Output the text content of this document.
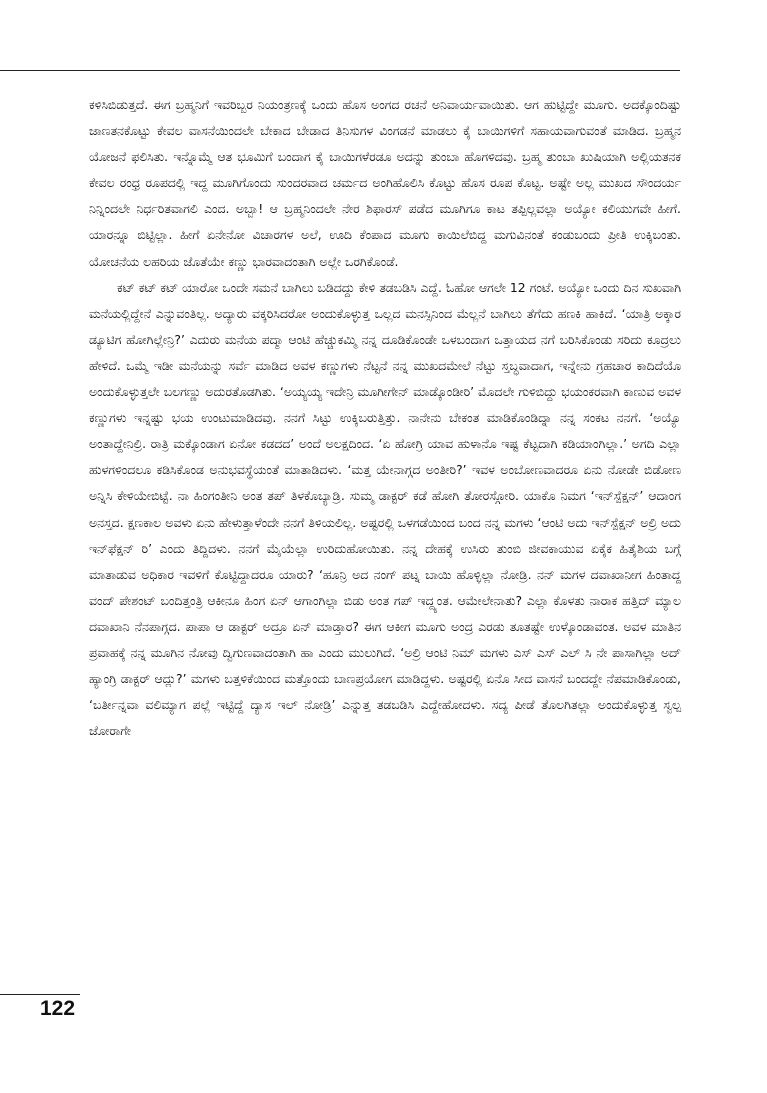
ಕಳಿಸಿಬಿಡುತ್ತದೆ. ಈಗ ಬ್ರಹ್ಮನಿಗೆ ಇವರಿಬ್ಬರ ನಿಯಂತ್ರಣಕ್ಕೆ ಒಂದು ಹೊಸ ಅಂಗದ ರಚನೆ ಅನಿವಾರ್ಯವಾಯಿತು. ಆಗ ಹುಟ್ಟಿದ್ದೇ ಮೂಗು. ಅದಕ್ಕೊಂದಿಷ್ಟು ಜಾಣತನಕೊಟ್ಟು ಕೇವಲ ವಾಸನೆಯಿಂದಲೇ ಬೇಕಾದ ಬೇಡಾದ ತಿನಿಸುಗಳ ವಿಂಗಡನೆ ಮಾಡಲು ಕೈ ಬಾಯಿಗಳಿಗೆ ಸಹಾಯವಾಗುವಂತೆ ಮಾಡಿದ. ಬ್ರಹ್ಮನ ಯೋಜನೆ ಫಲಿಸಿತು. ಇನ್ನೊಮ್ಮೆ ಆತ ಭೂಮಿಗೆ ಬಂದಾಗ ಕೈ ಬಾಯಿಗಳೆರಡೂ ಅದನ್ನು ತುಂಬಾ ಹೊಗಳಿದವು. ಬ್ರಹ್ಮ ತುಂಬಾ ಖುಷಿಯಾಗಿ ಅಲ್ಲಿಯತನಕ ಕೇವಲ ರಂಧ್ರ ರೂಪದಲ್ಲಿ ಇದ್ದ ಮೂಗಿಗೊಂದು ಸುಂದರವಾದ ಚರ್ಮದ ಅಂಗಿಹೊಲಿಸಿ ಕೊಟ್ಟು ಹೊಸ ರೂಪ ಕೊಟ್ಟ. ಅಷ್ಟೇ ಅಲ್ಲ ಮುಖದ ಸೌಂದರ್ಯ ನಿನ್ನಿಂದಲೇ ನಿರ್ಧರಿತವಾಗಲಿ ಎಂದ. ಅಬ್ಬಾ! ಆ ಬ್ರಹ್ಮನಿಂದಲೇ ನೇರ ಶಿಫಾರಸ್ ಪಡೆದ ಮೂಗಿಗೂ ಕಾಟ ತಪ್ಪಿಲ್ಲವಲ್ಲಾ ಅಯ್ಯೋ ಕಲಿಯುಗವೇ ಹೀಗೆ. ಯಾರನ್ನೂ ಬಿಟ್ಟಿಲ್ಲಾ. ಹೀಗೆ ಏನೇನೋ ವಿಚಾರಗಳ ಅಲೆ, ಊದಿ ಕೆಂಪಾದ ಮೂಗು ಕಾಯಿಲೆಬಿದ್ದ ಮಗುವಿನಂತೆ ಕಂಡುಬಂದು ಪ್ರೀತಿ ಉಕ್ಕಿಬಂತು. ಯೋಚನೆಯ ಲಹರಿಯ ಜೊತೆಯೇ ಕಣ್ಣು ಭಾರವಾದಂತಾಗಿ ಅಲ್ಲೇ ಒರಗಿಕೊಂಡೆ.

ಕಟ್ ಕಟ್ ಕಟ್ ಯಾರೋ ಒಂದೇ ಸಮನೆ ಬಾಗಿಲು ಬಡಿದದ್ದು ಕೇಳಿ ತಡಬಡಿಸಿ ಎದ್ದೆ. ಓಹೋ ಆಗಲೇ 12 ಗಂಟೆ. ಅಯ್ಯೋ ಒಂದು ದಿನ ಸುಖವಾಗಿ ಮನೆಯಲ್ಲಿದ್ದೇನೆ ಎನ್ನುವಂತಿಲ್ಲ. ಅದ್ಯಾರು ವಕ್ಕರಿಸಿದರೋ ಅಂದುಕೊಳ್ಳುತ್ತ ಒಲ್ಲದ ಮನಸ್ಸಿನಿಂದ ಮೆಲ್ಲನೆ ಬಾಗಿಲು ತೆಗೆದು ಹಣಕಿ ಹಾಕಿದೆ. ‘ಯಾತ್ರಿ ಅಕ್ಕಾರ ಡ್ಯೂಟಿಗ ಹೋಗಿಲ್ಲೇನ್ರಿ?’ ಎದುರು ಮನೆಯ ಪದ್ಮಾ ಆಂಟಿ ಹೆಚ್ಚುಕಮ್ಮಿ ನನ್ನ ದೂಡಿಕೊಂಡೇ ಒಳಬಂದಾಗ ಒತ್ತಾಯದ ನಗೆ ಬರಿಸಿಕೊಂಡು ಸರಿದು ಕೂದ್ರಲು ಹೇಳಿದೆ. ಒಮ್ಮೆ ಇಡೀ ಮನೆಯನ್ನು ಸರ್ವೆ ಮಾಡಿದ ಅವಳ ಕಣ್ಣುಗಳು ನೆಟ್ಟನೆ ನನ್ನ ಮುಖದಮೇಲೆ ನೆಟ್ಟು ಸ್ತಬ್ಧವಾದಾಗ, ಇನ್ನೇನು ಗ್ರಹಚಾರ ಕಾದಿದೆಯೊ ಅಂದುಕೊಳ್ಳುತ್ತಲೇ ಬಲಗಣ್ಣು ಅದುರತೊಡಗಿತು. ‘ಅಯ್ಯಯ್ಯ ಇದೇನ್ರಿ ಮೂಗೀಗೇನ್ ಮಾಡ್ಕೊಂಡೀರಿ’ ಮೊದಲೇ ಗುಳಿಬಿದ್ದು ಭಯಂಕರವಾಗಿ ಕಾಣುವ ಅವಳ ಕಣ್ಣುಗಳು ಇನ್ನಷ್ಟು ಭಯ ಉಂಟುಮಾಡಿದವು. ನನಗೆ ಸಿಟ್ಟು ಉಕ್ಕಿಬರುತ್ತಿತ್ತು. ನಾನೇನು ಬೇಕಂತ ಮಾಡಿಕೊಂಡಿದ್ನಾ ನನ್ನ ಸಂಕಟ ನನಗೆ. ‘ಅಯ್ಯೊ ಅಂತಾದ್ದೇನಿಲ್ರಿ. ರಾತ್ರಿ ಮಕ್ಕೊಂಡಾಗ ಏನೋ ಕಡದದ’ ಅಂದೆ ಅಲಕ್ಷದಿಂದ. ‘ಏ ಹೋಗ್ರಿ ಯಾವ ಹುಳಾನೊ ಇಷ್ಟ ಕೆಟ್ಟದಾಗಿ ಕಡಿಯಾಂಗಿಲ್ಲಾ.’ ಅಗದಿ ಎಲ್ಲಾ ಹುಳಗಳಿಂದಲೂ ಕಡಿಸಿಕೊಂಡ ಅನುಭವಸ್ಥೆಯಂತೆ ಮಾತಾಡಿದಳು. ‘ಮತ್ತ ಯೇನಾಗ್ಗದ ಅಂತೀರಿ?’ ಇವಳ ಅಂಬೋಣವಾದರೂ ಏನು ನೋಡೇ ಬಿಡೋಣ ಅನ್ನಿಸಿ ಕೇಳಿಯೇಬಿಟ್ಟೆ. ನಾ ಹಿಂಗಂತೀನಿ ಅಂತ ತಪ್ ತಿಳಕೊಬ್ಯಾಡ್ರಿ. ಸುಮ್ಮ ಡಾಕ್ಟರ್ ಕಡೆ ಹೋಗಿ ತೋರಸ್ಗೋರಿ. ಯಾಕೊ ನಿಮಗ ‘ಇನ್‌ಸ್ಪೆಕ್ಷನ್’ ಆದಾಂಗ ಅನಸ್ತದ. ಕ್ಷಣಕಾಲ ಅವಳು ಏನು ಹೇಳುತ್ತಾಳೆಂದೇ ನನಗೆ ತಿಳಿಯಲಿಲ್ಲ. ಅಷ್ಟರಲ್ಲಿ ಒಳಗಡೆಯಿಂದ ಬಂದ ನನ್ನ ಮಗಳು ‘ಆಂಟಿ ಅದು ಇನ್‌ಸ್ಪೆಕ್ಷನ್ ಅಲ್ರಿ ಅದು ಇನ್‌ಫೆಕ್ಷನ್ ರಿ’ ಎಂದು ತಿದ್ದಿದಳು. ನನಗೆ ಮೈಯೆಲ್ಲಾ ಉರಿದುಹೋಯಿತು. ನನ್ನ ದೇಹಕ್ಕೆ ಉಸಿರು ತುಂಬಿ ಜೀವಕಾಯುವ ಏಕೈಕ ಹಿತೈಶಿಯ ಬಗ್ಗೆ ಮಾತಾಡುವ ಅಧಿಕಾರ ಇವಳಿಗೆ ಕೊಟ್ಟಿದ್ದಾದರೂ ಯಾರು? ‘ಹೂನ್ರಿ ಅದ ನಂಗ್ ಪಟ್ನ ಬಾಯಿ ಹೊಳ್ಳಿಲ್ಲಾ ನೋಡ್ರಿ. ನನ್ ಮಗಳ ದವಾಖಾನೀಗ ಹಿಂತಾದ್ದ ವಂದ್ ಪೇಶಂಟ್ ಬಂದಿತ್ತಂತ್ರಿ ಆಕೀನೂ ಹಿಂಗ ಏನ್ ಆಗಾಂಗಿಲ್ಲಾ ಬಿಡು ಅಂತ ಗಪ್ ಇದ್ದ್ಯಂತ. ಆಮೇಲೇನಾತು? ಎಲ್ಲಾ ಕೊಳತು ನಾರಾಕ ಹತ್ತಿದ್ ಮ್ಯಾಲ ದವಾಖಾನಿ ನೆನಪಾಗ್ಗದ. ಪಾಪಾ ಆ ಡಾಕ್ಟರ್ ಅದ್ರೂ ಏನ್ ಮಾಡ್ತಾರ? ಈಗ ಆಕೀಗ ಮೂಗು ಅಂದ್ರ ಎರಡು ತೂತಷ್ಟೇ ಉಳ್ಕೊಂಡಾವಂತ. ಅವಳ ಮಾತಿನ ಪ್ರವಾಹಕ್ಕೆ ನನ್ನ ಮೂಗಿನ ನೋವು ದ್ವಿಗುಣವಾದಂತಾಗಿ ಹಾ ಎಂದು ಮುಲುಗಿದೆ. ‘ಅಲ್ರಿ ಆಂಟಿ ನಿಮ್ ಮಗಳು ಎಸ್ ಎಸ್ ಎಲ್ ಸಿ ನೇ ಪಾಸಾಗಿಲ್ಲಾ ಅದ್ ಹ್ಯಾಂಗ್ರಿ ಡಾಕ್ಟರ್ ಆದ್ಲು?’ ಮಗಳು ಬತ್ತಳಿಕೆಯಿಂದ ಮತ್ತೊಂದು ಬಾಣಪ್ರಯೋಗ ಮಾಡಿದ್ದಳು. ಅಷ್ಟರಲ್ಲಿ ಏನೊ ಸೀದ ವಾಸನೆ ಬಂದದ್ದೇ ನೆಪಮಾಡಿಕೊಂಡು, ‘ಬರ್ತೀನ್ನವಾ ವಲಿಮ್ಯಾಗ ಪಲ್ಲೆ ಇಟ್ಟಿದ್ದೆ ದ್ಯಾಸ ಇಲ್ ನೋಡ್ರಿ’ ಎನ್ನುತ್ತ ತಡಬಡಿಸಿ ಎದ್ದೇಹೋದಳು. ಸದ್ಯ ಪೀಡೆ ತೊಲಗಿತಲ್ಲಾ ಅಂದುಕೊಳ್ಳುತ್ತ ಸ್ವಲ್ಪ ಜೋರಾಗೇ

122
